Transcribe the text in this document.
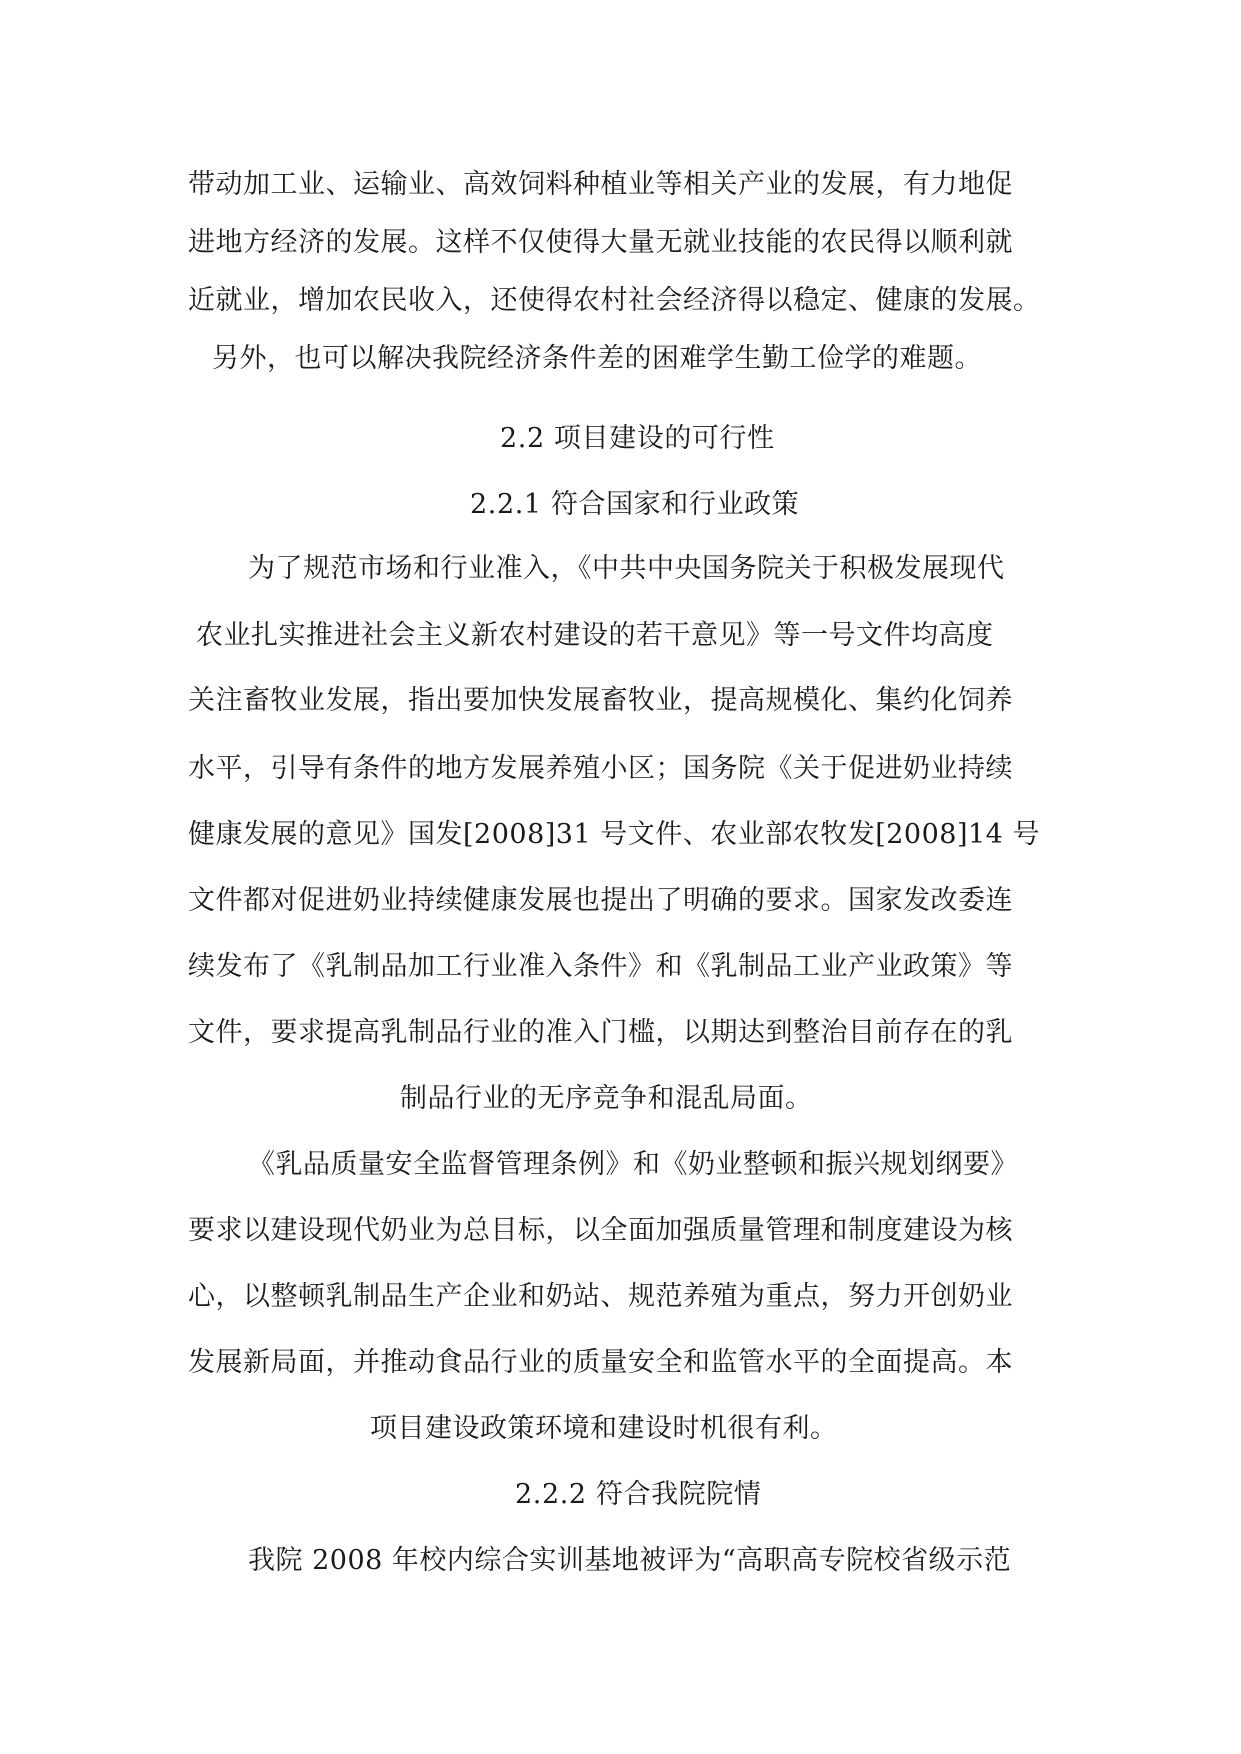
带动加工业、运输业、高效饲料种植业等相关产业的发展，有力地促
进地方经济的发展。这样不仅使得大量无就业技能的农民得以顺利就
近就业，增加农民收入，还使得农村社会经济得以稳定、健康的发展。
另外，也可以解决我院经济条件差的困难学生勤工俭学的难题。
2.2 项目建设的可行性
2.2.1 符合国家和行业政策
为了规范市场和行业准入，《中共中央国务院关于积极发展现代
农业扎实推进社会主义新农村建设的若干意见》等一号文件均高度
关注畜牧业发展，指出要加快发展畜牧业，提高规模化、集约化饲养
水平，引导有条件的地方发展养殖小区；国务院《关于促进奶业持续
健康发展的意见》国发[2008]31 号文件、农业部农牧发[2008]14 号
文件都对促进奶业持续健康发展也提出了明确的要求。国家发改委连
续发布了《乳制品加工行业准入条件》和《乳制品工业产业政策》等
文件，要求提高乳制品行业的准入门槛，以期达到整治目前存在的乳
制品行业的无序竞争和混乱局面。
《乳品质量安全监督管理条例》和《奶业整顿和振兴规划纲要》
要求以建设现代奶业为总目标，以全面加强质量管理和制度建设为核
心，以整顿乳制品生产企业和奶站、规范养殖为重点，努力开创奶业
发展新局面，并推动食品行业的质量安全和监管水平的全面提高。本
项目建设政策环境和建设时机很有利。
2.2.2 符合我院院情
我院 2008 年校内综合实训基地被评为“高职高专院校省级示范
